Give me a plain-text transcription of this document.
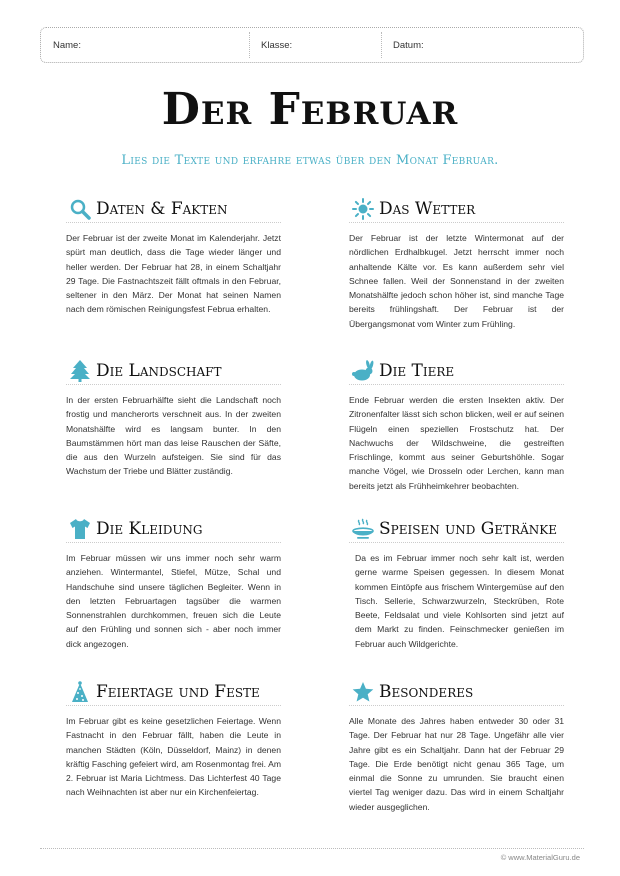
Name:	Klasse:	Datum:
Der Februar
Lies die Texte und erfahre etwas über den Monat Februar.
Daten & Fakten
Der Februar ist der zweite Monat im Kalenderjahr. Jetzt spürt man deutlich, dass die Tage wieder länger und heller werden. Der Februar hat 28, in einem Schaltjahr 29 Tage. Die Fastnachtszeit fällt oftmals in den Februar, seltener in den März. Der Monat hat seinen Namen nach dem römischen Reinigungsfest Februa erhalten.
Das Wetter
Der Februar ist der letzte Wintermonat auf der nördlichen Erdhalbkugel. Jetzt herrscht immer noch anhaltende Kälte vor. Es kann außerdem sehr viel Schnee fallen. Weil der Sonnenstand in der zweiten Monatshälfte jedoch schon höher ist, sind manche Tage bereits frühlingshaft. Der Februar ist der Übergangsmonat vom Winter zum Frühling.
Die Landschaft
In der ersten Februarhälfte sieht die Landschaft noch frostig und mancherorts verschneit aus. In der zweiten Monatshälfte wird es langsam bunter. In den Baumstämmen hört man das leise Rauschen der Säfte, die aus den Wurzeln aufsteigen. Sie sind für das Wachstum der Triebe und Blätter zuständig.
Die Tiere
Ende Februar werden die ersten Insekten aktiv. Der Zitronenfalter lässt sich schon blicken, weil er auf seinen Flügeln einen speziellen Frostschutz hat. Der Nachwuchs der Wildschweine, die gestreiften Frischlinge, kommt aus seiner Geburtshöhle. Sogar manche Vögel, wie Drosseln oder Lerchen, kann man bereits jetzt als Frühheimkehrer beobachten.
Die Kleidung
Im Februar müssen wir uns immer noch sehr warm anziehen. Wintermantel, Stiefel, Mütze, Schal und Handschuhe sind unsere täglichen Begleiter. Wenn in den letzten Februartagen tagsüber die warmen Sonnenstrahlen durchkommen, freuen sich die Leute auf den Frühling und sonnen sich - aber noch immer dick angezogen.
Speisen und Getränke
Da es im Februar immer noch sehr kalt ist, werden gerne warme Speisen gegessen. In diesem Monat kommen Eintöpfe aus frischem Wintergemüse auf den Tisch. Sellerie, Schwarzwurzeln, Steckrüben, Rote Beete, Feldsalat und viele Kohlsorten sind jetzt auf dem Markt zu finden. Feinschmecker genießen im Februar auch Wildgerichte.
Feiertage und Feste
Im Februar gibt es keine gesetzlichen Feiertage. Wenn Fastnacht in den Februar fällt, haben die Leute in manchen Städten (Köln, Düsseldorf, Mainz) in denen kräftig Fasching gefeiert wird, am Rosenmontag frei. Am 2. Februar ist Maria Lichtmess. Das Lichterfest 40 Tage nach Weihnachten ist aber nur ein Kirchenfeiertag.
Besonderes
Alle Monate des Jahres haben entweder 30 oder 31 Tage. Der Februar hat nur 28 Tage. Ungefähr alle vier Jahre gibt es ein Schaltjahr. Dann hat der Februar 29 Tage. Die Erde benötigt nicht genau 365 Tage, um einmal die Sonne zu umrunden. Sie braucht einen viertel Tag weniger dazu. Das wird in einem Schaltjahr wieder ausgeglichen.
© www.MaterialGuru.de
